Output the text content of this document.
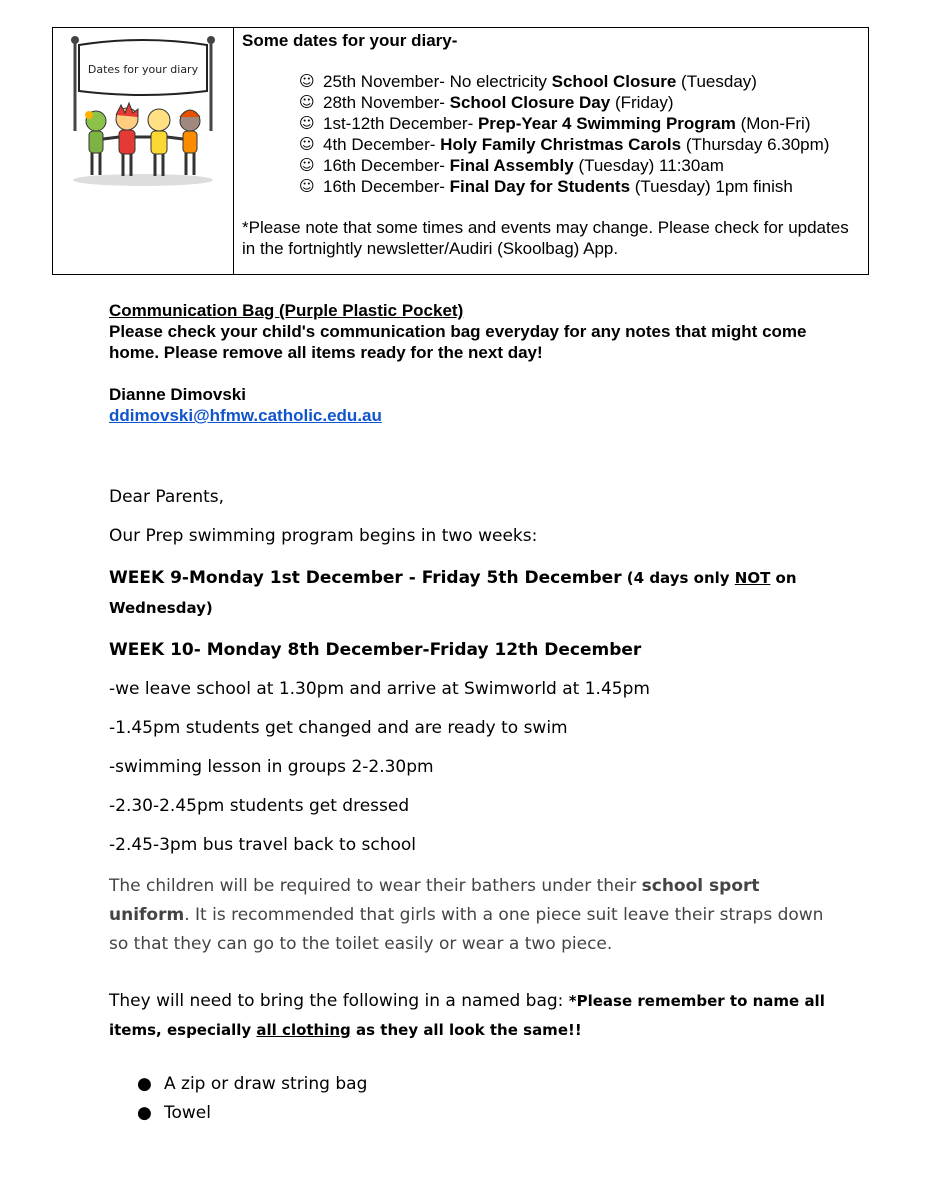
Dates for your diary

Some dates for your diary-

☺ 25th November- No electricity School Closure (Tuesday)
☺ 28th November- School Closure Day (Friday)
☺ 1st-12th December- Prep-Year 4 Swimming Program (Mon-Fri)
☺ 4th December- Holy Family Christmas Carols (Thursday 6.30pm)
☺ 16th December- Final Assembly (Tuesday) 11:30am
☺ 16th December- Final Day for Students (Tuesday) 1pm finish

*Please note that some times and events may change. Please check for updates in the fortnightly newsletter/Audiri (Skoolbag) App.

Communication Bag (Purple Plastic Pocket)
Please check your child's communication bag everyday for any notes that might come home. Please remove all items ready for the next day!
Dianne Dimovski
ddimovski@hfmw.catholic.edu.au

Dear Parents,

Our Prep swimming program begins in two weeks:

WEEK 9-Monday 1st December - Friday 5th December (4 days only NOT on Wednesday)

WEEK 10- Monday 8th December-Friday 12th December

-we leave school at 1.30pm and arrive at Swimworld at 1.45pm

-1.45pm students get changed and are ready to swim

-swimming lesson in groups 2-2.30pm

-2.30-2.45pm students get dressed

-2.45-3pm bus travel back to school

The children will be required to wear their bathers under their school sport uniform. It is recommended that girls with a one piece suit leave their straps down so that they can go to the toilet easily or wear a two piece.

They will need to bring the following in a named bag: *Please remember to name all items, especially all clothing as they all look the same!!

● A zip or draw string bag
● Towel
